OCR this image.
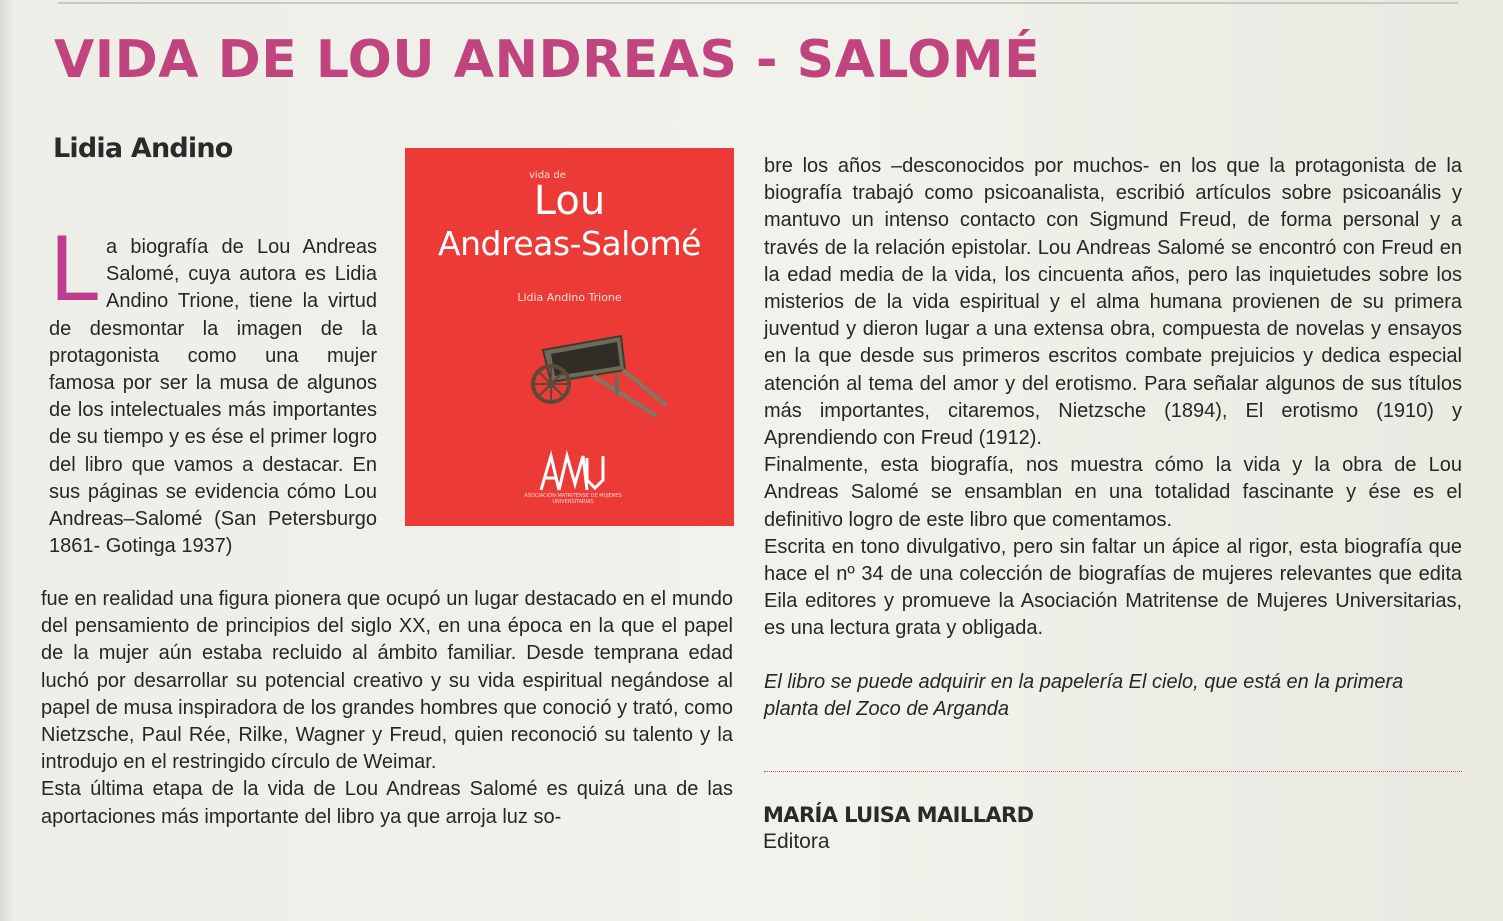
VIDA DE LOU ANDREAS - SALOMÉ
Lidia Andino

La biografía de Lou Andreas Salomé, cuya autora es Lidia Andino Trione, tiene la virtud de desmontar la imagen de la protagonista como una mujer famosa por ser la musa de algunos de los intelectuales más importantes de su tiempo y es ése el primer logro del libro que vamos a destacar. En sus páginas se evidencia cómo Lou Andreas–Salomé (San Petersburgo 1861- Gotinga 1937)

fue en realidad una figura pionera que ocupó un lugar destacado en el mundo del pensamiento de principios del siglo XX, en una época en la que el papel de la mujer aún estaba recluido al ámbito familiar. Desde temprana edad luchó por desarrollar su potencial creativo y su vida espiritual negándose al papel de musa inspiradora de los grandes hombres que conoció y trató, como Nietzsche, Paul Rée, Rilke, Wagner y Freud, quien reconoció su talento y la introdujo en el restringido círculo de Weimar.
Esta última etapa de la vida de Lou Andreas Salomé es quizá una de las aportaciones más importante del libro ya que arroja luz so-
vida de
Lou
Andreas-Salomé
Lidia Andino Trione
AMMU
ASOCIACIÓN MATRITENSE DE MUJERES UNIVERSITARIAS
bre los años –desconocidos por muchos- en los que la protagonista de la biografía trabajó como psicoanalista, escribió artículos sobre psicoanális y mantuvo un intenso contacto con Sigmund Freud, de forma personal y a través de la relación epistolar. Lou Andreas Salomé se encontró con Freud en la edad media de la vida, los cincuenta años, pero las inquietudes sobre los misterios de la vida espiritual y el alma humana provienen de su primera juventud y dieron lugar a una extensa obra, compuesta de novelas y ensayos en la que desde sus primeros escritos combate prejuicios y dedica especial atención al tema del amor y del erotismo. Para señalar algunos de sus títulos más importantes, citaremos, Nietzsche (1894), El erotismo (1910) y Aprendiendo con Freud (1912).
Finalmente, esta biografía, nos muestra cómo la vida y la obra de Lou Andreas Salomé se ensamblan en una totalidad fascinante y ése es el definitivo logro de este libro que comentamos.
Escrita en tono divulgativo, pero sin faltar un ápice al rigor, esta biografía que hace el nº 34 de una colección de biografías de mujeres relevantes que edita Eila editores y promueve la Asociación Matritense de Mujeres Universitarias, es una lectura grata y obligada.
El libro se puede adquirir en la papelería El cielo, que está en la primera planta del Zoco de Arganda

MARÍA LUISA MAILLARD

Editora
